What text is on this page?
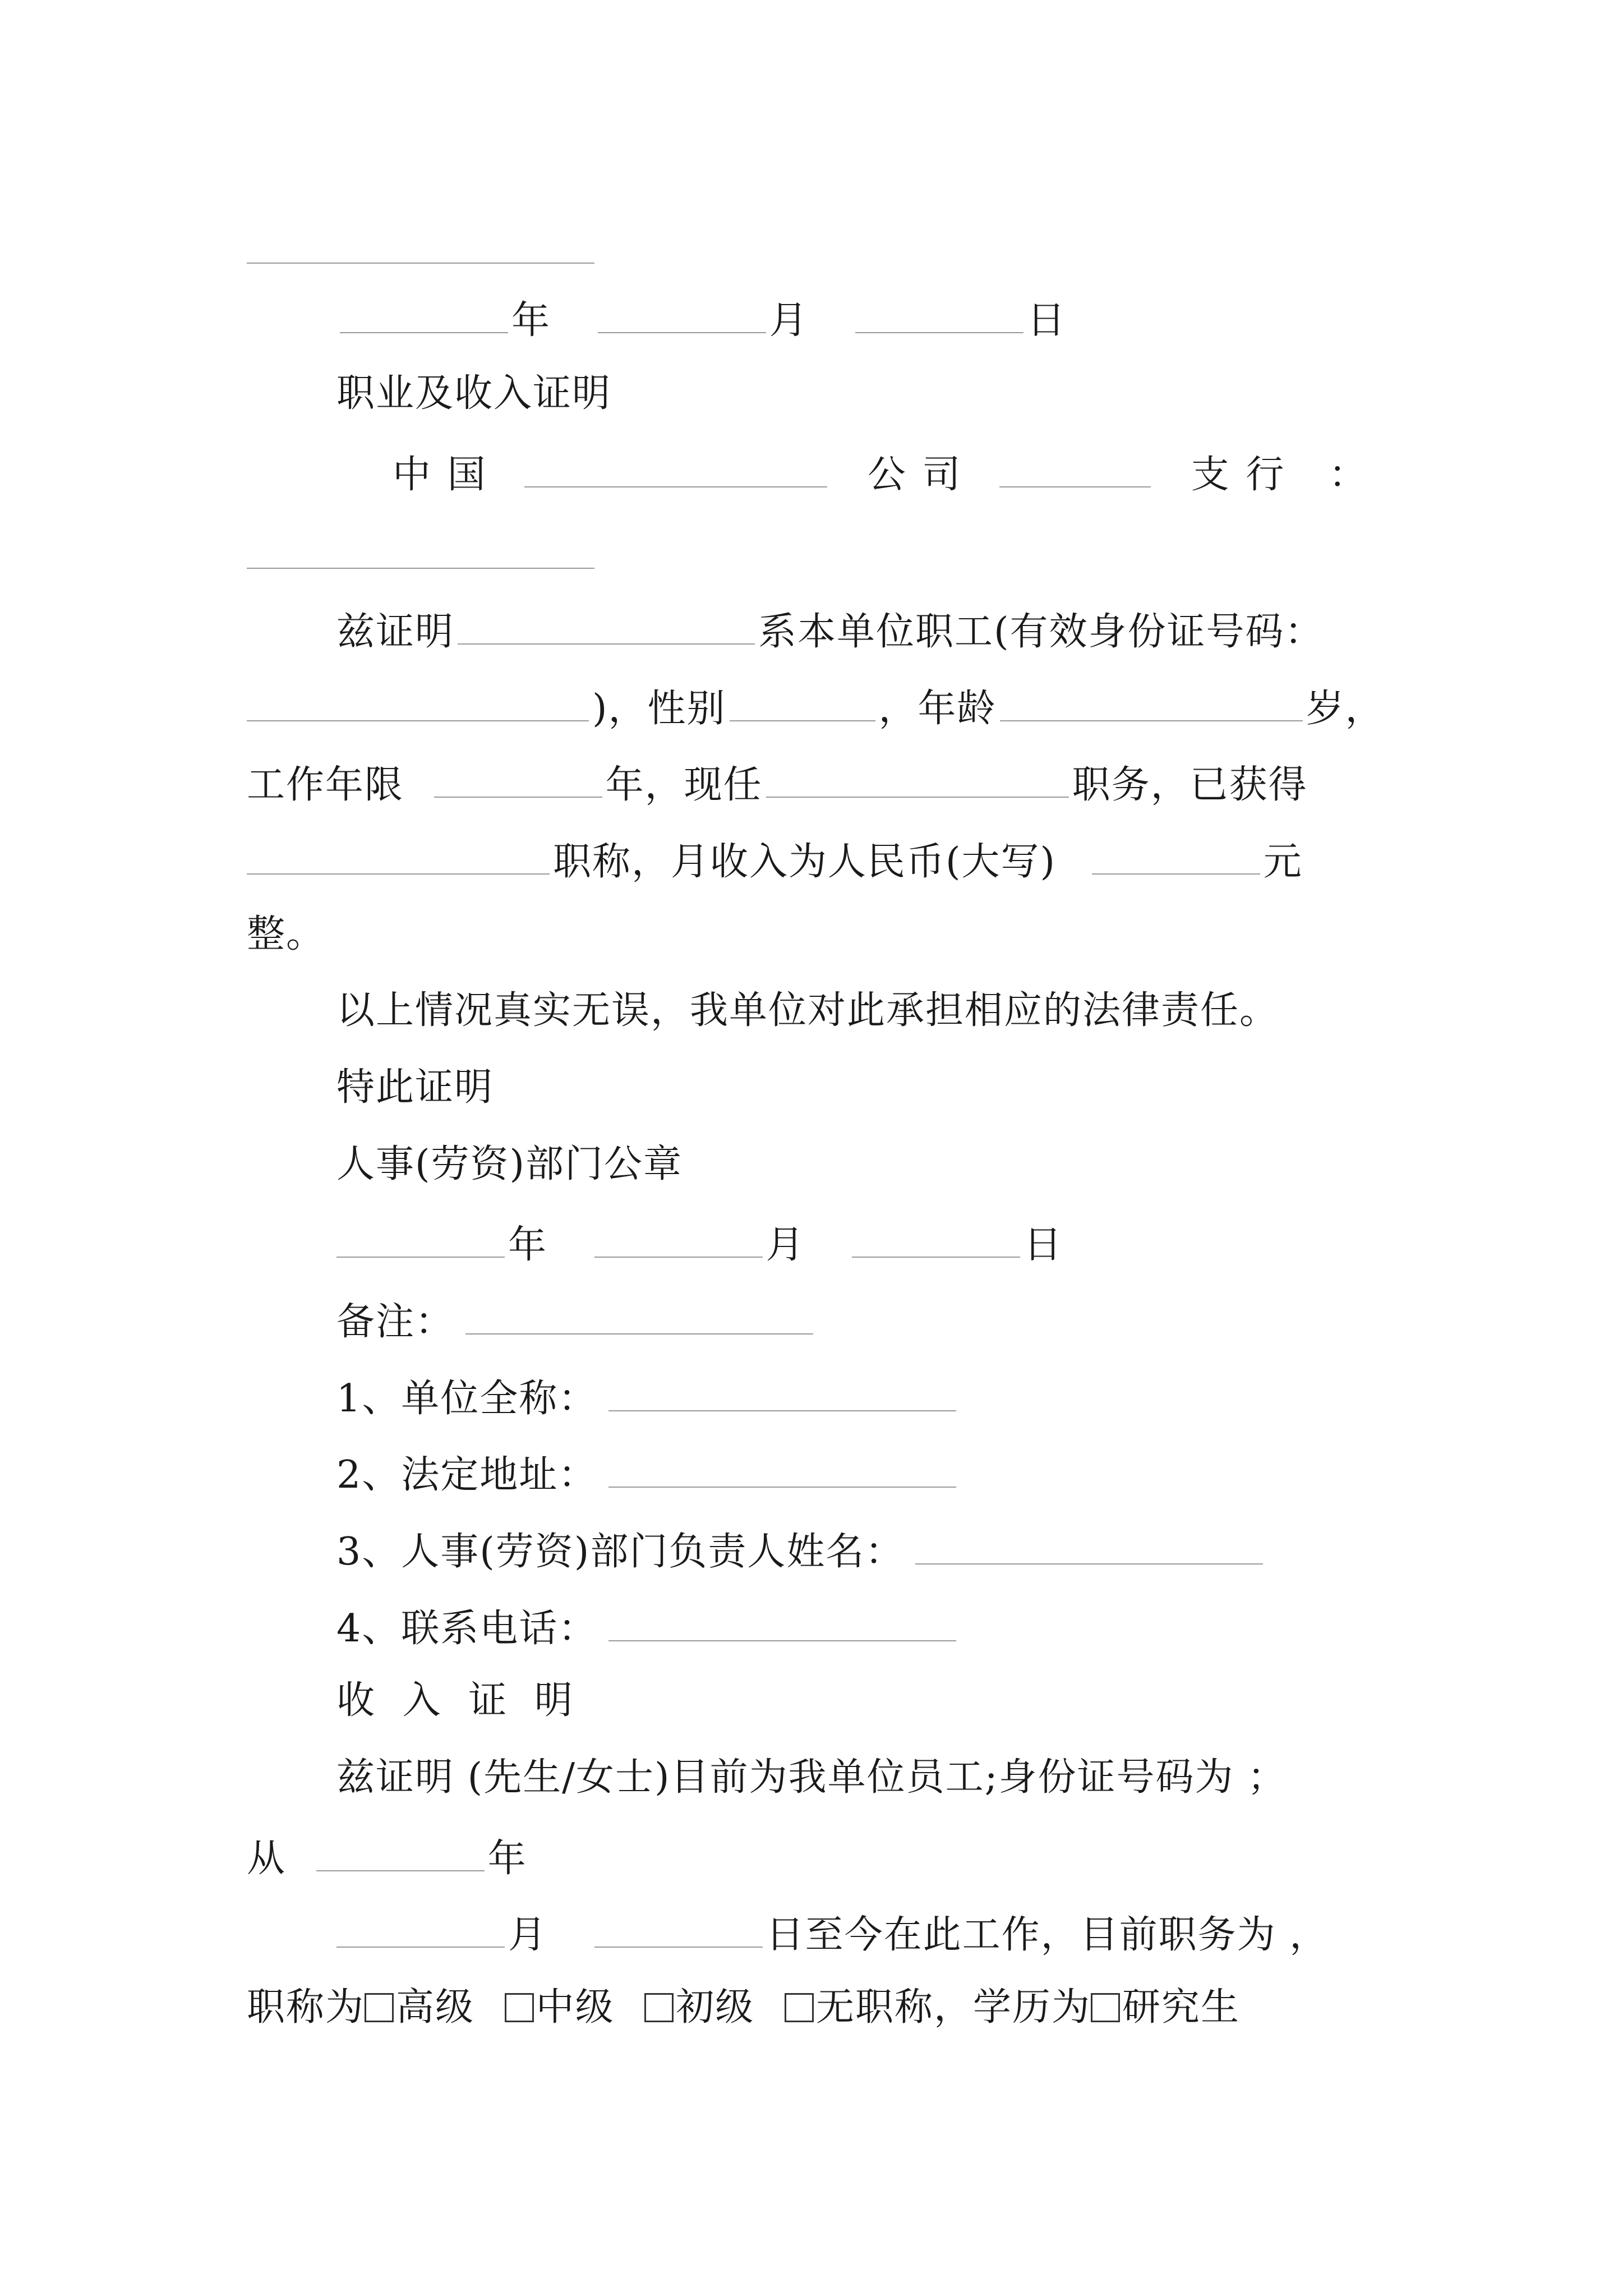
年	月	日
职业及收入证明
中 国	公 司	支 行 ：
兹证明	系本单位职工(有效身份证号码：
)，性别	，年龄	岁，
工作年限	年，现任	职务，已获得
职称，月收入为人民币(大写)	元
整。
以上情况真实无误，我单位对此承担相应的法律责任。
特此证明
人事(劳资)部门公章
年	月	日
备注：
1、单位全称：
2、法定地址：
3、人事(劳资)部门负责人姓名：
4、联系电话：
收 入 证 明
兹证明 (先生/女士)目前为我单位员工;身份证号码为 ；
从	年
月	日至今在此工作，目前职务为 ，
职称为 高级 中级 初级 无职称，学历为 研究生
